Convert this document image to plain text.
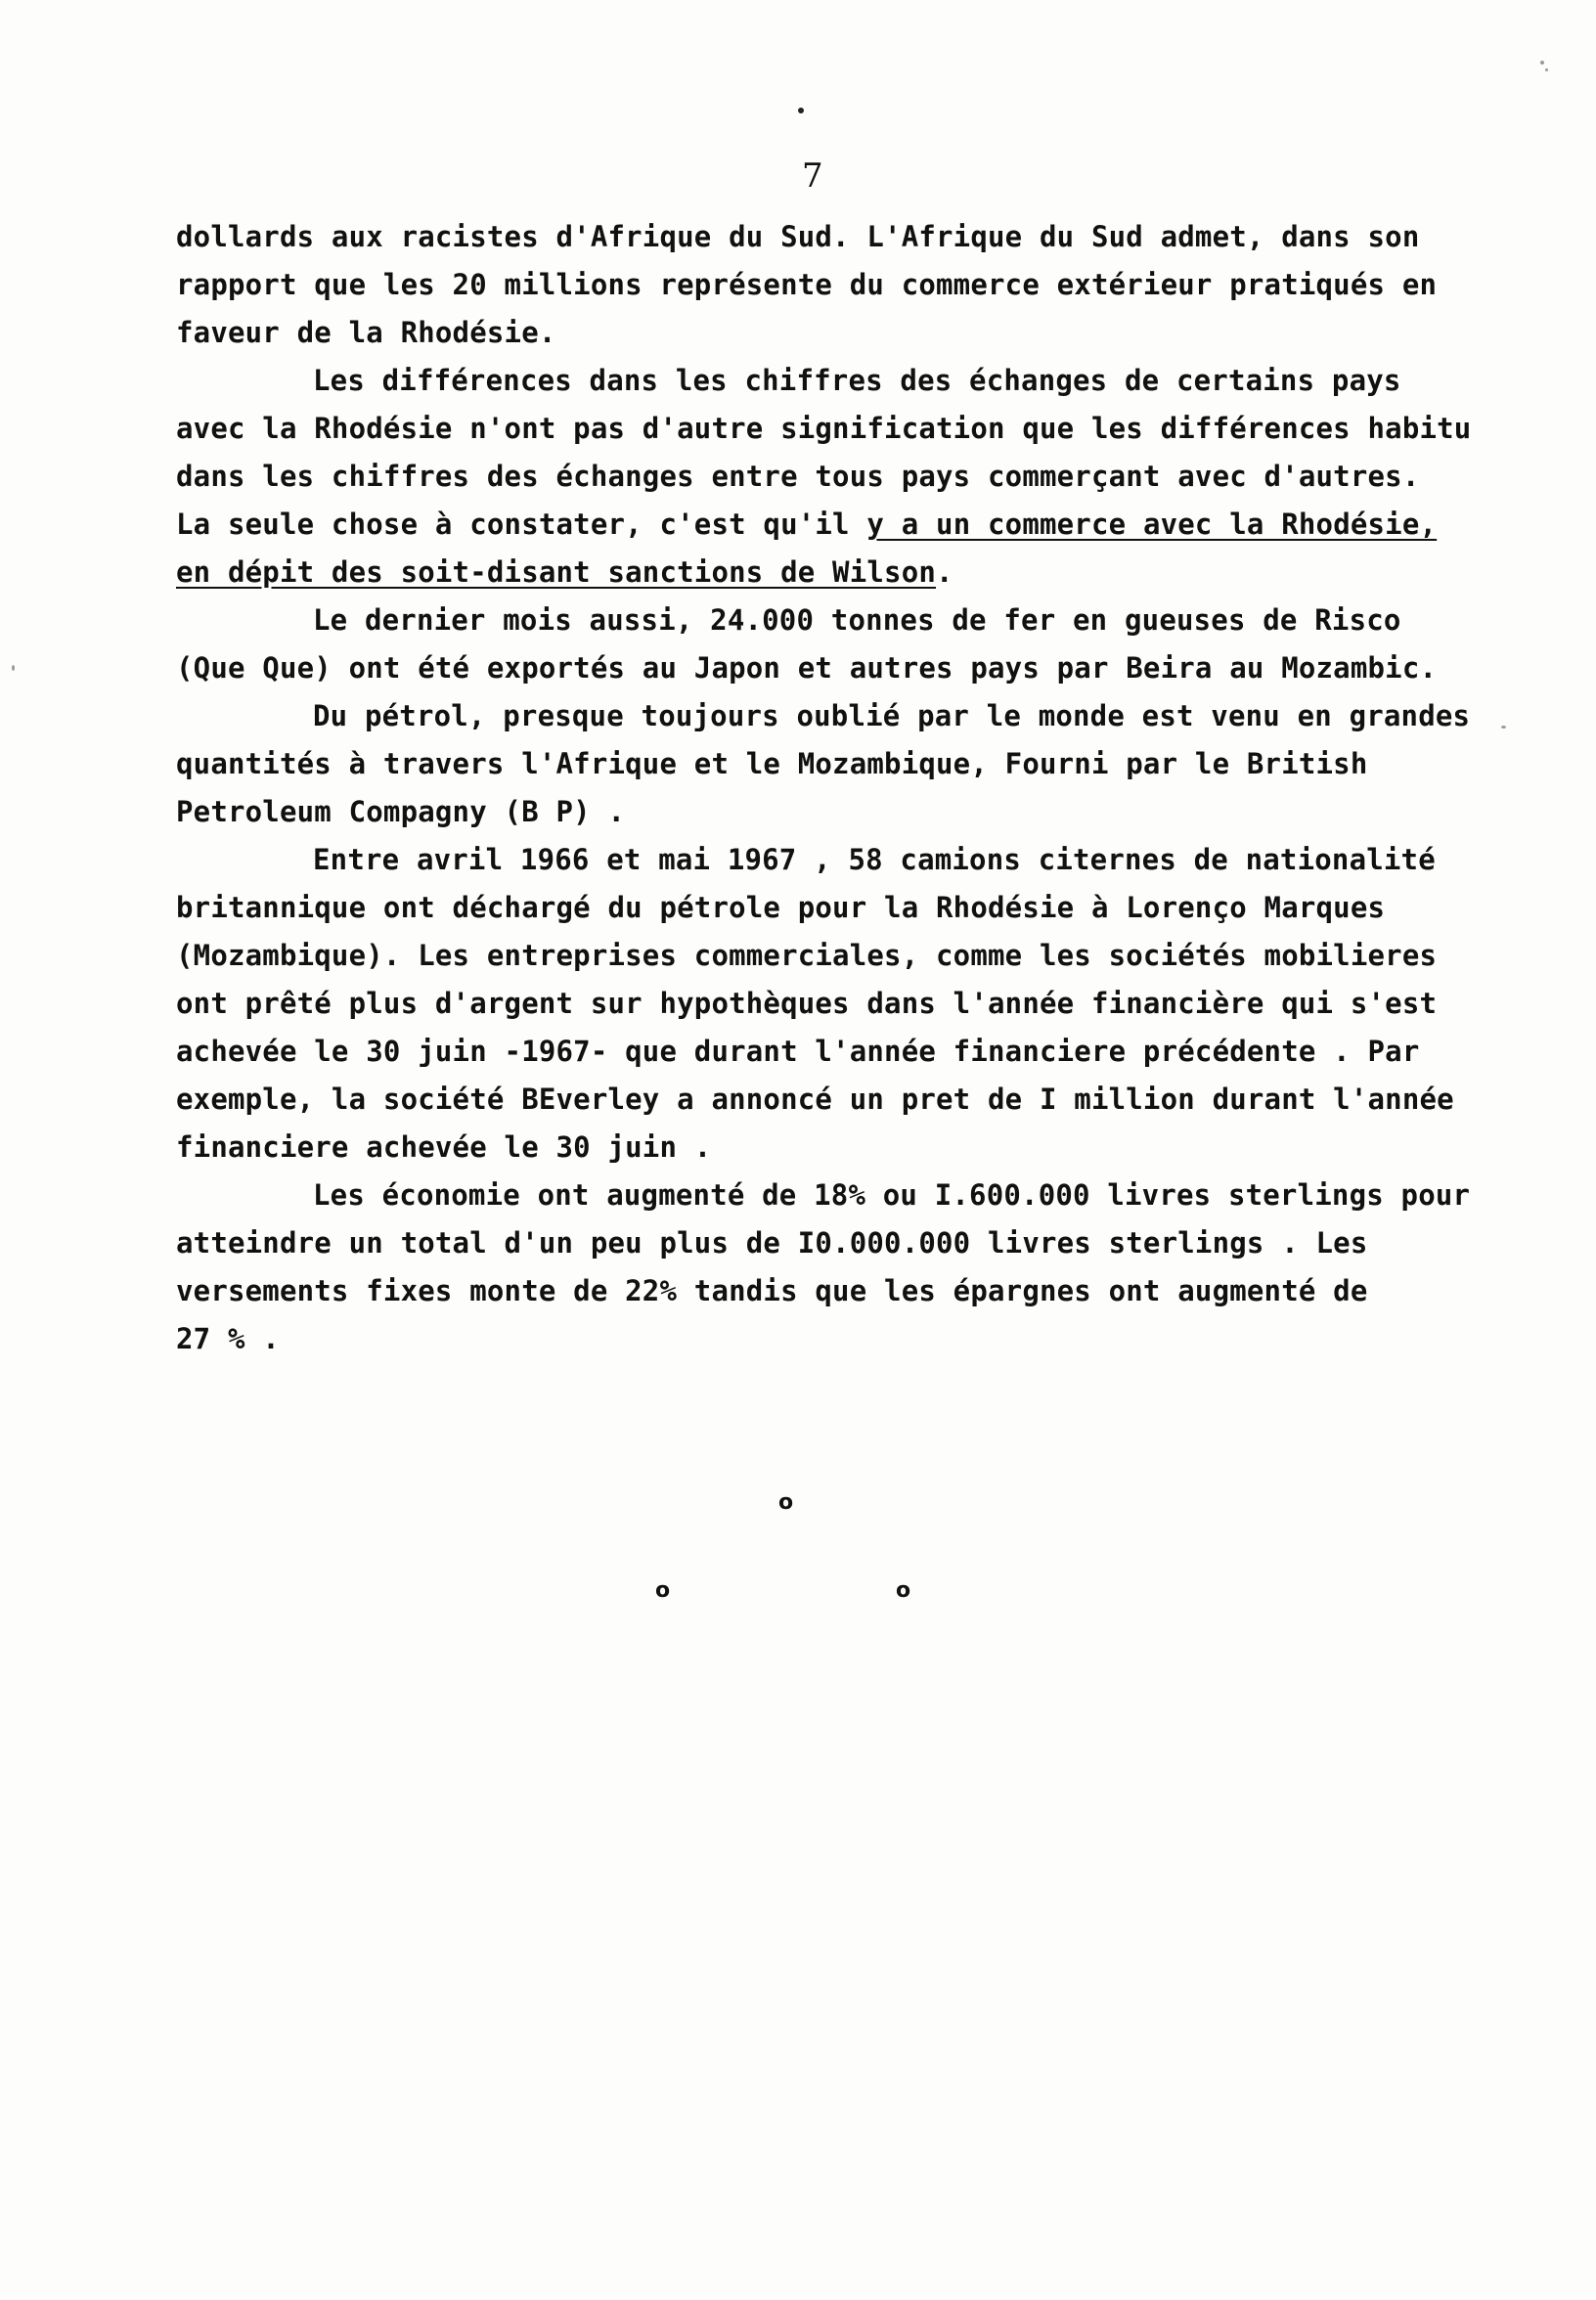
7
dollards aux racistes d'Afrique du Sud. L'Afrique du Sud admet, dans son
rapport que les 20 millions représente du commerce extérieur pratiqués en
faveur de la Rhodésie.
Les différences dans les chiffres des échanges de certains pays
avec la Rhodésie n'ont pas d'autre signification que les différences habitu
dans les chiffres des échanges entre tous pays commerçant avec d'autres.
La seule chose à constater, c'est qu'il y a un commerce avec la Rhodésie,
en dépit des soit-disant sanctions de Wilson.
Le dernier mois aussi, 24.000 tonnes de fer en gueuses de Risco
(Que Que) ont été exportés au Japon et autres pays par Beira au Mozambic.
Du pétrol, presque toujours oublié par le monde est venu en grandes
quantités à travers l'Afrique et le Mozambique, Fourni par le British
Petroleum Compagny (B P) .
Entre avril 1966 et mai 1967 , 58 camions citernes de nationalité
britannique ont déchargé du pétrole pour la Rhodésie à Lorenço Marques
(Mozambique). Les entreprises commerciales, comme les sociétés mobilieres
ont prêté plus d'argent sur hypothèques dans l'année financière qui s'est
achevée le 30 juin -1967- que durant l'année financiere précédente . Par
exemple, la société BEverley a annoncé un pret de I million durant l'année
financiere achevée le 30 juin .
Les économie ont augmenté de 18% ou I.600.000 livres sterlings pour
atteindre un total d'un peu plus de I0.000.000 livres sterlings . Les
versements fixes monte de 22% tandis que les épargnes ont augmenté de
27 % .
o
o	o
